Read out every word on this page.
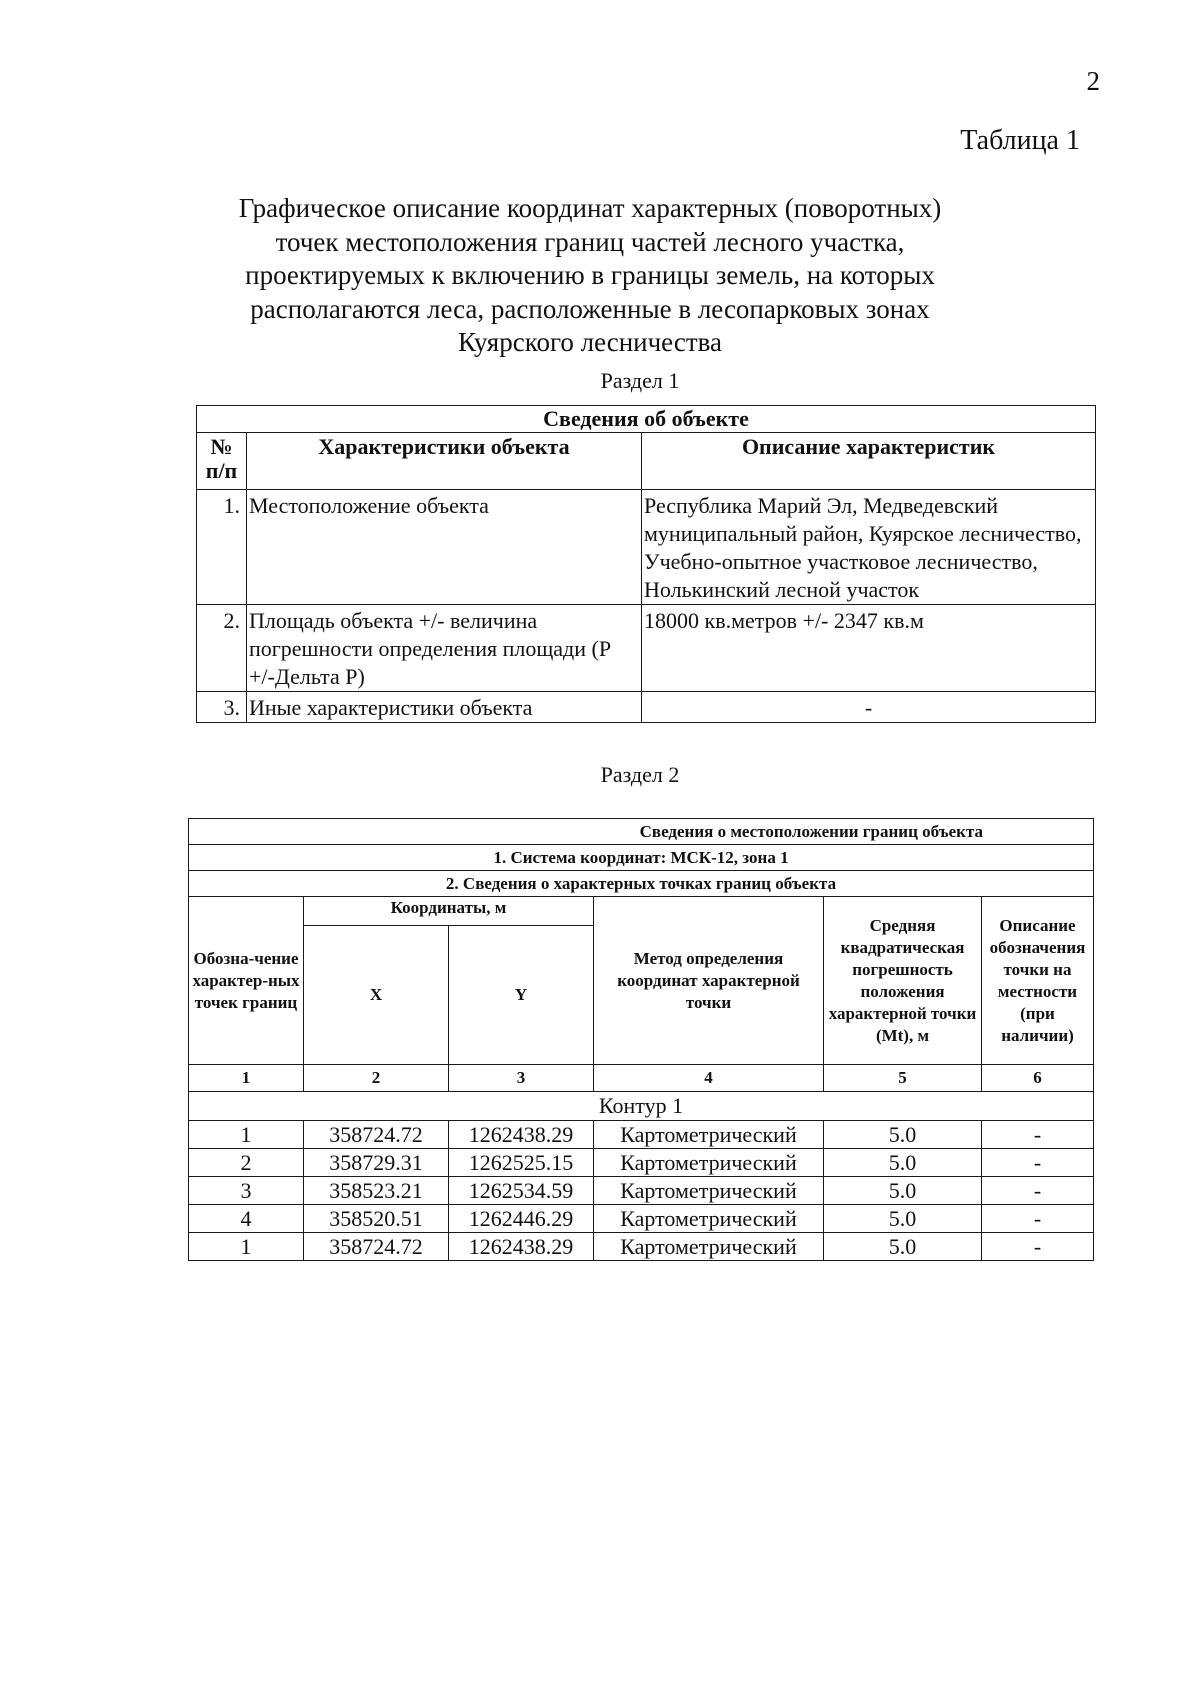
2
Таблица 1
Графическое описание координат характерных (поворотных)
точек местоположения границ частей лесного участка,
проектируемых к включению в границы земель, на которых
располагаются леса, расположенные в лесопарковых зонах
Куярского лесничества
Раздел 1
Сведения об объекте		
№ п/п	Характеристики объекта	Описание характеристик
1.	Местоположение объекта	Республика Марий Эл, Медведевский муниципальный район, Куярское лесничество, Учебно-опытное участковое лесничество, Нолькинский лесной участок
2.	Площадь объекта +/- величина погрешности определения площади (Р +/-Дельта Р)	18000 кв.метров +/- 2347 кв.м
3.	Иные характеристики объекта	-
Раздел 2
Сведения о местоположении границ объекта					
1. Система координат: МСК-12, зона 1					
2. Сведения о характерных точках границ объекта					
Обозна-чение характер-ных точек границ	Координаты, м		Метод определения координат характерной точки	Средняя квадратическая погрешность положения характерной точки (Mt), м	Описание обозначения точки на местности (при наличии)
	X	Y			
1	2	3	4	5	6
Контур 1					
1	358724.72	1262438.29	Картометрический	5.0	-
2	358729.31	1262525.15	Картометрический	5.0	-
3	358523.21	1262534.59	Картометрический	5.0	-
4	358520.51	1262446.29	Картометрический	5.0	-
1	358724.72	1262438.29	Картометрический	5.0	-
